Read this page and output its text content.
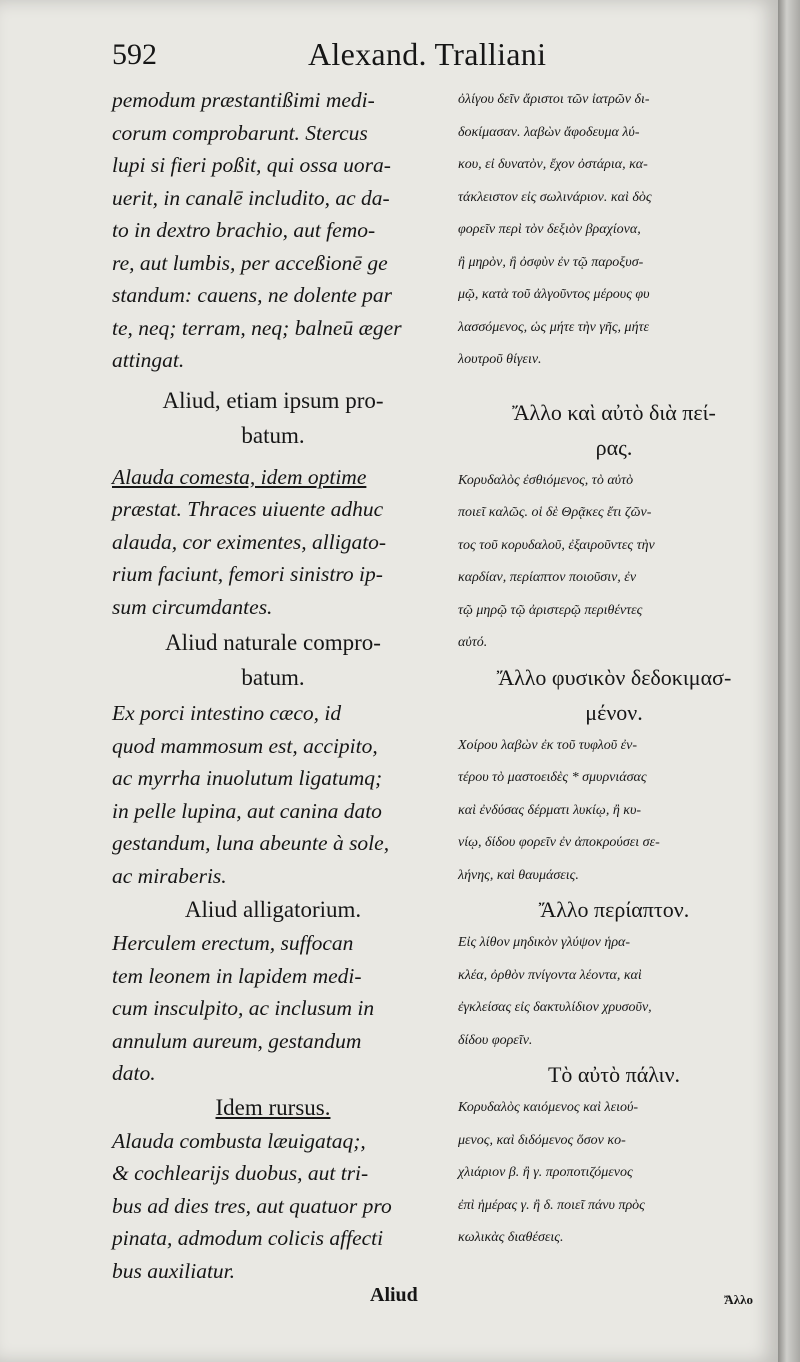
592	Alexand. Tralliani
pemodum præstantißimi medi-
corum comprobarunt. Stercus
lupi si fieri poßit, qui ossa uora-
uerit, in canalē includito, ac da-
to in dextro brachio, aut femo-
re, aut lumbis, per acceßionē ge
standum: cauens, ne dolente par
te, neq; terram, neq; balneū æger
attingat.
Aliud, etiam ipsum pro-
batum.
Alauda comesta, idem optime
præstat. Thraces uiuente adhuc
alauda, cor eximentes, alligato-
rium faciunt, femori sinistro ip-
sum circumdantes.
Aliud naturale compro-
batum.
Ex porci intestino cæco, id
quod mammosum est, accipito,
ac myrrha inuolutum ligatumq;
in pelle lupina, aut canina dato
gestandum, luna abeunte à sole,
ac miraberis.
Aliud alligatorium.
Herculem erectum, suffocan
tem leonem in lapidem medi-
cum insculpito, ac inclusum in
annulum aureum, gestandum
dato.
Idem rursus.
Alauda combusta læuigataq;,
& cochlearijs duobus, aut tri-
bus ad dies tres, aut quatuor pro
pinata, admodum colicis affecti
bus auxiliatur.
Aliud
ὀλίγου δεῖν ἄριστοι τῶν ἰατρῶν δι-
δοκίμασαν. λαβὼν ἄφοδευμα λύ-
κου, εἰ δυνατὸν, ἔχον ὀστάρια, κα-
τάκλειστον εἰς σωλινάριον. καὶ δὸς
φορεῖν περὶ τὸν δεξιὸν βραχίονα,
ἢ μηρὸν, ἢ ὀσφὺν ἐν τῷ παροξυσ-
μῷ, κατὰ τοῦ ἀλγοῦντος μέρους φυ
λασσόμενος, ὡς μήτε τὴν γῆς, μήτε
λουτροῦ θίγειν.
Ἄλλο καὶ αὐτὸ διὰ πεί-
ρας.
Κορυδαλὸς ἐσθιόμενος, τὸ αὐτὸ
ποιεῖ καλῶς. οἱ δὲ Θρᾷκες ἔτι ζῶν-
τος τοῦ κορυδαλοῦ, ἐξαιροῦντες τὴν
καρδίαν, περίαπτον ποιοῦσιν, ἐν
τῷ μηρῷ τῷ ἀριστερῷ περιθέντες
αὐτό.
Ἄλλο φυσικὸν δεδοκιμασ-
μένον.
Χοίρου λαβὼν ἐκ τοῦ τυφλοῦ ἐν-
τέρου τὸ μαστοειδὲς * σμυρνιάσας
καὶ ἐνδύσας δέρματι λυκίῳ, ἢ κυ-
νίῳ, δίδου φορεῖν ἐν ἀποκρούσει σε-
λήνης, καὶ θαυμάσεις.
Ἄλλο περίαπτον.
Εἰς λίθον μηδικὸν γλύψον ἡρα-
κλέα, ὀρθὸν πνίγοντα λέοντα, καὶ
ἐγκλείσας εἰς δακτυλίδιον χρυσοῦν,
δίδου φορεῖν.
Τὸ αὐτὸ πάλιν.
Κορυδαλὸς καιόμενος καὶ λειού-
μενος, καὶ διδόμενος ὅσον κο-
χλιάριον β. ἢ γ. προποτιζόμενος
ἐπὶ ἡμέρας γ. ἢ δ. ποιεῖ πάνυ πρὸς
κωλικὰς διαθέσεις.
Ἄλλο
